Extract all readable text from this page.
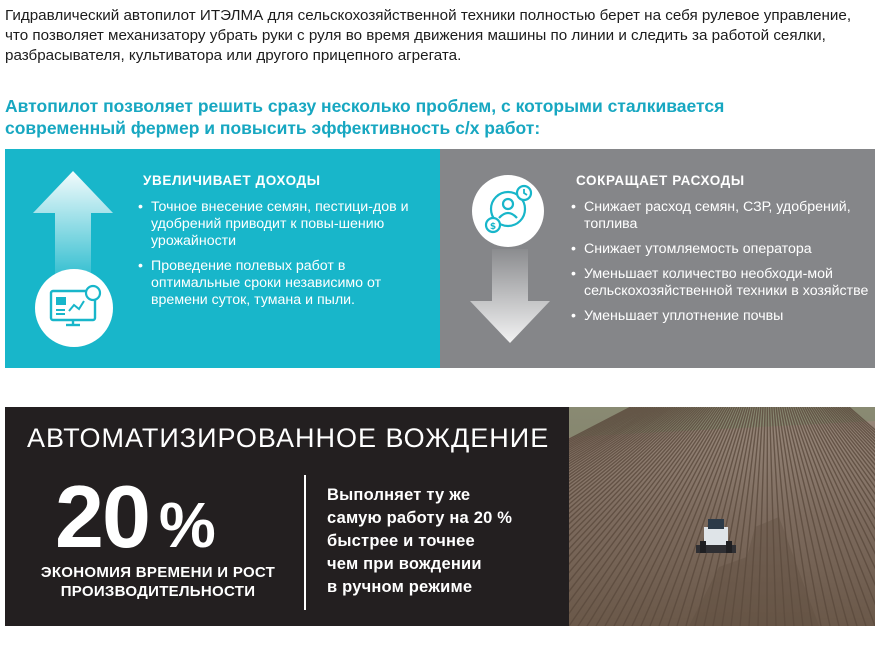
Гидравлический автопилот ИТЭЛМА для сельскохозяйственной техники полностью берет на себя рулевое управление, что позволяет механизатору убрать руки с руля во время движения машины по линии и следить за работой сеялки, разбрасывателя, культиватора или другого прицепного агрегата.
Автопилот позволяет решить сразу несколько проблем, с которыми сталкивается
современный фермер и повысить эффективность с/х работ:
УВЕЛИЧИВАЕТ ДОХОДЫ
• Точное внесение семян, пестици-дов и удобрений приводит к повы-шению урожайности
• Проведение полевых работ в оптимальные сроки независимо от времени суток, тумана и пыли.
$
СОКРАЩАЕТ РАСХОДЫ
• Снижает расход семян, СЗР, удобрений, топлива
• Снижает утомляемость оператора
• Уменьшает количество необходи-мой сельскохозяйственной техники в хозяйстве
• Уменьшает уплотнение почвы
АВТОМАТИЗИРОВАННОЕ ВОЖДЕНИЕ
20 %
ЭКОНОМИЯ ВРЕМЕНИ И РОСТ
ПРОИЗВОДИТЕЛЬНОСТИ
Выполняет ту же
самую работу на 20 %
быстрее и точнее
чем при вождении
в ручном режиме
